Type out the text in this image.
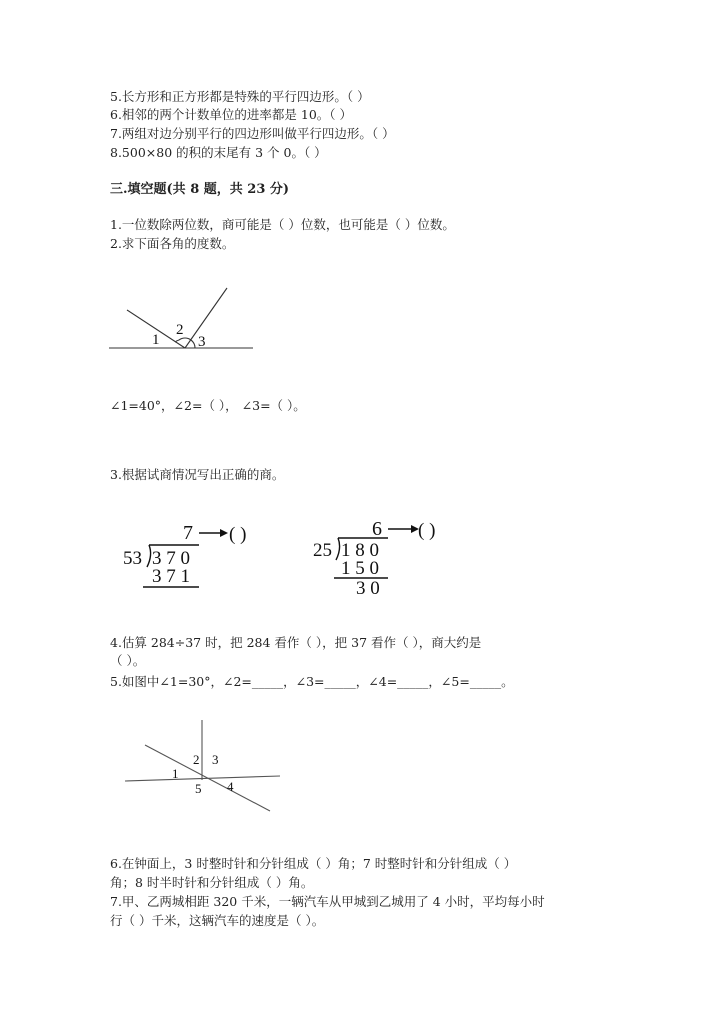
5.长方形和正方形都是特殊的平行四边形。（ ）
6.相邻的两个计数单位的进率都是 10。（ ）
7.两组对边分别平行的四边形叫做平行四边形。（ ）
8.500×80 的积的末尾有 3 个 0。（ ）
三.填空题(共 8 题，共 23 分)
1.一位数除两位数，商可能是（ ）位数，也可能是（ ）位数。
2.求下面各角的度数。
1
2
3
∠1=40°，∠2=（ ）， ∠3=（ ）。
3.根据试商情况写出正确的商。
7 ( )
53 3 7 0
3 7 1
6 ( )
25 1 8 0
1 5 0
3 0
4.估算 284÷37 时，把 284 看作（ ），把 37 看作（ ），商大约是
（ ）。
5.如图中∠1=30°，∠2=_____，∠3=_____，∠4=_____，∠5=_____。
1
2 3
5 4
6.在钟面上，3 时整时针和分针组成（ ）角；7 时整时针和分针组成（ ）
角；8 时半时针和分针组成（ ）角。
7.甲、乙两城相距 320 千米，一辆汽车从甲城到乙城用了 4 小时，平均每小时
行（ ）千米，这辆汽车的速度是（ ）。
